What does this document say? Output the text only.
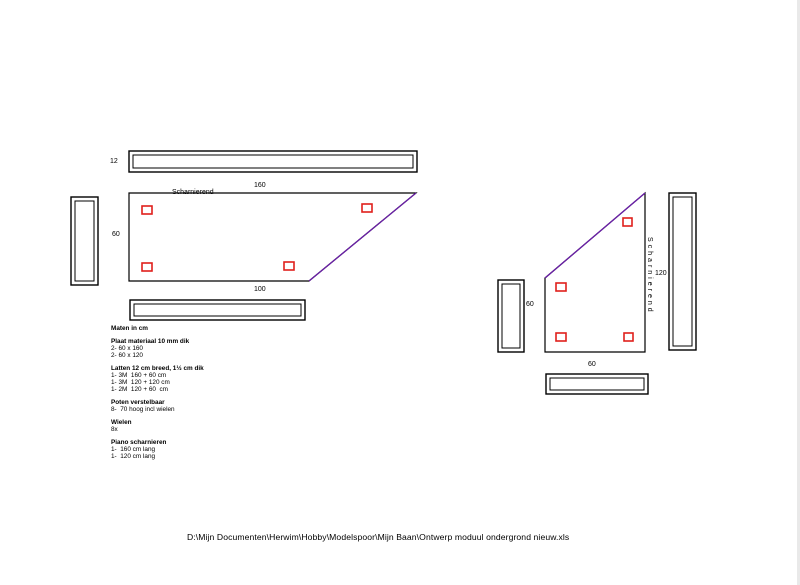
12
Scharnierend
160
60
100
120
60
60
Scharnierend
Maten in cm
Plaat materiaal 10 mm dik
2- 60 x 160
2- 60 x 120
Latten 12 cm breed, 1½ cm dik
1- 3M  160 + 60 cm
1- 3M  120 + 120 cm
1- 2M  120 + 60  cm
Poten verstelbaar
8-  70 hoog incl wielen
Wielen
8x
Piano scharnieren
1-  160 cm lang
1-  120 cm lang
D:\Mijn Documenten\Herwim\Hobby\Modelspoor\Mijn Baan\Ontwerp moduul ondergrond nieuw.xls
